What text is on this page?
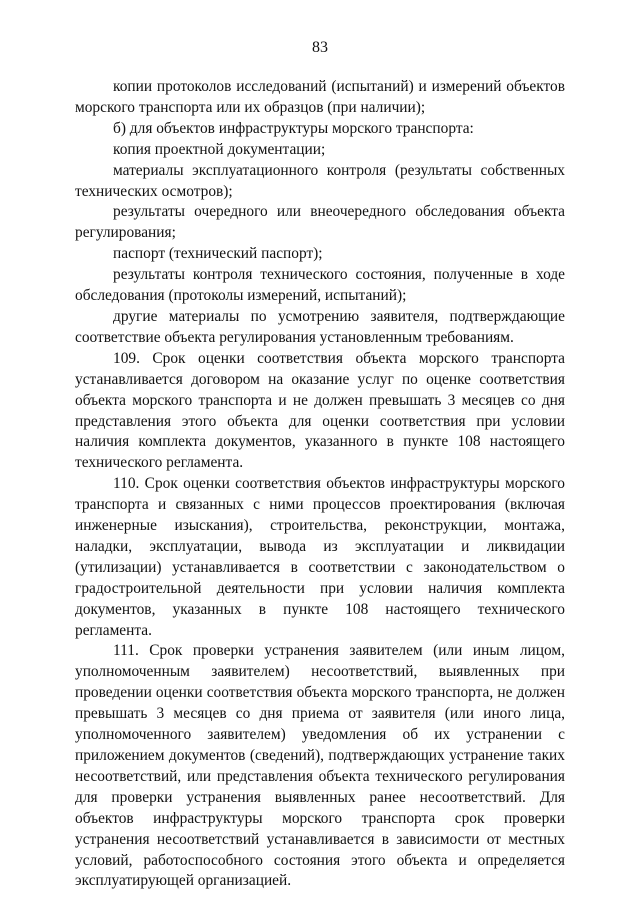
83

копии протоколов исследований (испытаний) и измерений объектов морского транспорта или их образцов (при наличии);

б) для объектов инфраструктуры морского транспорта:

копия проектной документации;

материалы эксплуатационного контроля (результаты собственных технических осмотров);

результаты очередного или внеочередного обследования объекта регулирования;

паспорт (технический паспорт);

результаты контроля технического состояния, полученные в ходе обследования (протоколы измерений, испытаний);

другие материалы по усмотрению заявителя, подтверждающие соответствие объекта регулирования установленным требованиям.

109. Срок оценки соответствия объекта морского транспорта устанавливается договором на оказание услуг по оценке соответствия объекта морского транспорта и не должен превышать 3 месяцев со дня представления этого объекта для оценки соответствия при условии наличия комплекта документов, указанного в пункте 108 настоящего технического регламента.

110. Срок оценки соответствия объектов инфраструктуры морского транспорта и связанных с ними процессов проектирования (включая инженерные изыскания), строительства, реконструкции, монтажа, наладки, эксплуатации, вывода из эксплуатации и ликвидации (утилизации) устанавливается в соответствии с законодательством о градостроительной деятельности при условии наличия комплекта документов, указанных в пункте 108 настоящего технического регламента.

111. Срок проверки устранения заявителем (или иным лицом, уполномоченным заявителем) несоответствий, выявленных при проведении оценки соответствия объекта морского транспорта, не должен превышать 3 месяцев со дня приема от заявителя (или иного лица, уполномоченного заявителем) уведомления об их устранении с приложением документов (сведений), подтверждающих устранение таких несоответствий, или представления объекта технического регулирования для проверки устранения выявленных ранее несоответствий. Для объектов инфраструктуры морского транспорта срок проверки устранения несоответствий устанавливается в зависимости от местных условий, работоспособного состояния этого объекта и определяется эксплуатирующей организацией.
